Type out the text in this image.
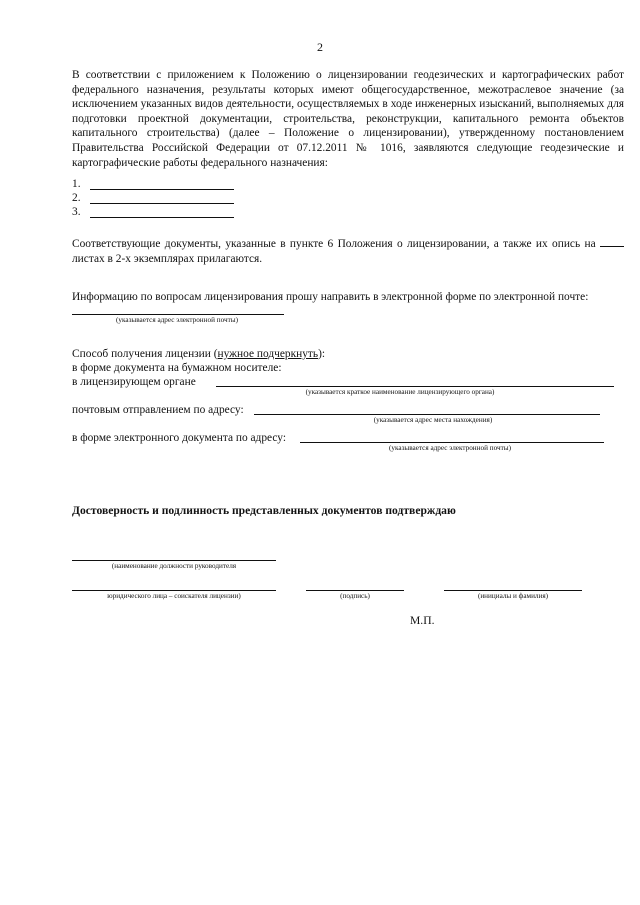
2
В соответствии с приложением к Положению о лицензировании геодезических и картографических работ федерального назначения, результаты которых имеют общегосударственное, межотраслевое значение (за исключением указанных видов деятельности, осуществляемых в ходе инженерных изысканий, выполняемых для подготовки проектной документации, строительства, реконструкции, капитального ремонта объектов капитального строительства) (далее – Положение о лицензировании), утвержденному постановлением Правительства Российской Федерации от 07.12.2011 № 1016, заявляются следующие геодезические и картографические работы федерального назначения:
1.
2.
3.
Соответствующие документы, указанные в пункте 6 Положения о лицензировании, а также их опись на  листах в 2-х экземплярах прилагаются.
Информацию по вопросам лицензирования прошу направить в электронной форме по электронной почте:
(указывается адрес электронной почты)
Способ получения лицензии (нужное подчеркнуть):
в форме документа на бумажном носителе:
в лицензирующем органе
(указывается краткое наименование лицензирующего органа)
почтовым отправлением по адресу:
(указывается адрес места нахождения)
в форме электронного документа по адресу:
(указывается адрес электронной почты)
Достоверность и подлинность представленных документов подтверждаю
(наименование должности руководителя
юридического лица – соискателя лицензии)	(подпись)	(инициалы и фамилия)
М.П.
